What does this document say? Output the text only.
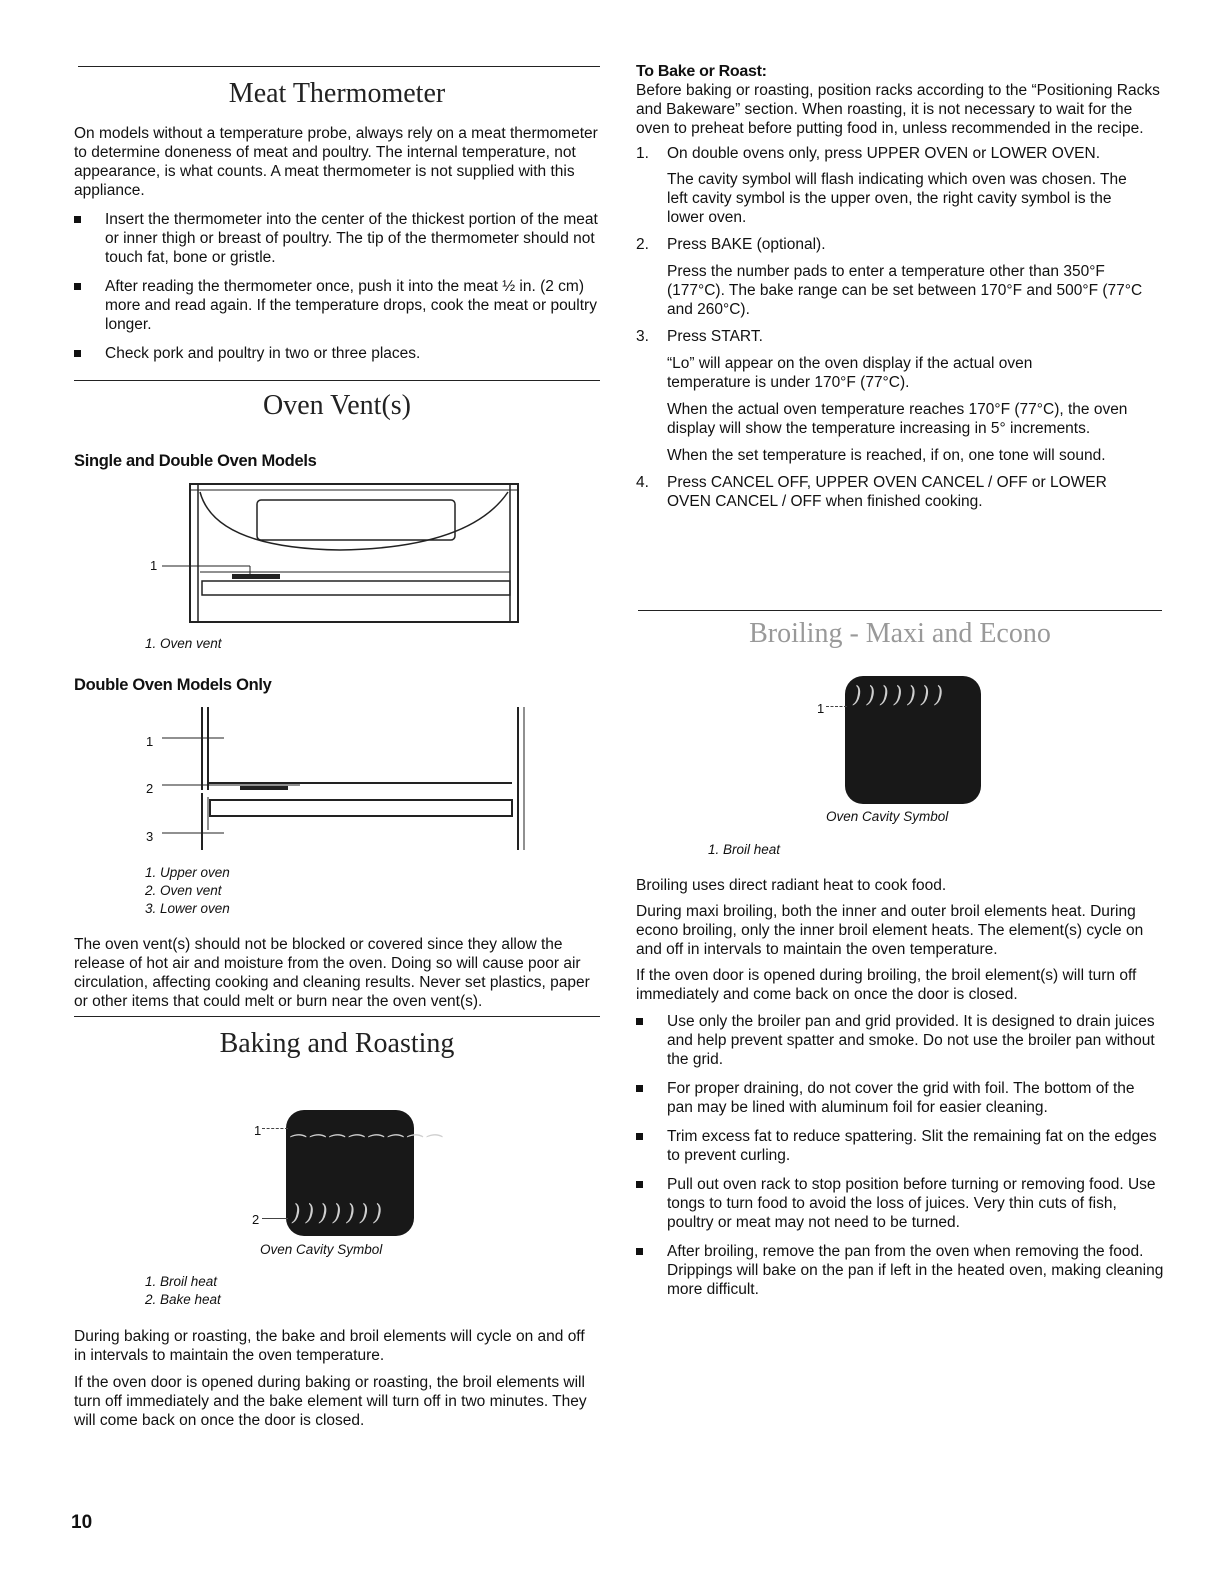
Meat Thermometer

On models without a temperature probe, always rely on a meat thermometer to determine doneness of meat and poultry. The internal temperature, not appearance, is what counts. A meat thermometer is not supplied with this appliance.

Insert the thermometer into the center of the thickest portion of the meat or inner thigh or breast of poultry. The tip of the thermometer should not touch fat, bone or gristle.
After reading the thermometer once, push it into the meat ½ in. (2 cm) more and read again. If the temperature drops, cook the meat or poultry longer.
Check pork and poultry in two or three places.
Oven Vent(s)
Single and Double Oven Models
1
1. Oven vent
Double Oven Models Only
1
2
3
1. Upper oven
2. Oven vent
3. Lower oven

The oven vent(s) should not be blocked or covered since they allow the release of hot air and moisture from the oven. Doing so will cause poor air circulation, affecting cooking and cleaning results. Never set plastics, paper or other items that could melt or burn near the oven vent(s).

Baking and Roasting
⁔⁔⁔⁔⁔⁔⁔⁔
)))))))
1
2
Oven Cavity Symbol
1. Broil heat
2. Bake heat

During baking or roasting, the bake and broil elements will cycle on and off in intervals to maintain the oven temperature.

If the oven door is opened during baking or roasting, the broil elements will turn off immediately and the bake element will turn off in two minutes. They will come back on once the door is closed.

10
To Bake or Roast:

Before baking or roasting, position racks according to the “Positioning Racks and Bakeware” section. When roasting, it is not necessary to wait for the oven to preheat before putting food in, unless recommended in the recipe.

1. On double ovens only, press UPPER OVEN or LOWER OVEN.
The cavity symbol will flash indicating which oven was chosen. The left cavity symbol is the upper oven, the right cavity symbol is the lower oven.
2. Press BAKE (optional).
Press the number pads to enter a temperature other than 350°F (177°C). The bake range can be set between 170°F and 500°F (77°C and 260°C).
3. Press START.
“Lo” will appear on the oven display if the actual oven temperature is under 170°F (77°C).
When the actual oven temperature reaches 170°F (77°C), the oven display will show the temperature increasing in 5° increments.
When the set temperature is reached, if on, one tone will sound.
4. Press CANCEL OFF, UPPER OVEN CANCEL / OFF or LOWER OVEN CANCEL / OFF when finished cooking.
Broiling - Maxi and Econo
)))))))
1
Oven Cavity Symbol
1. Broil heat

Broiling uses direct radiant heat to cook food.

During maxi broiling, both the inner and outer broil elements heat. During econo broiling, only the inner broil element heats. The element(s) cycle on and off in intervals to maintain the oven temperature.

If the oven door is opened during broiling, the broil element(s) will turn off immediately and come back on once the door is closed.

Use only the broiler pan and grid provided. It is designed to drain juices and help prevent spatter and smoke. Do not use the broiler pan without the grid.
For proper draining, do not cover the grid with foil. The bottom of the pan may be lined with aluminum foil for easier cleaning.
Trim excess fat to reduce spattering. Slit the remaining fat on the edges to prevent curling.
Pull out oven rack to stop position before turning or removing food. Use tongs to turn food to avoid the loss of juices. Very thin cuts of fish, poultry or meat may not need to be turned.
After broiling, remove the pan from the oven when removing the food. Drippings will bake on the pan if left in the heated oven, making cleaning more difficult.
